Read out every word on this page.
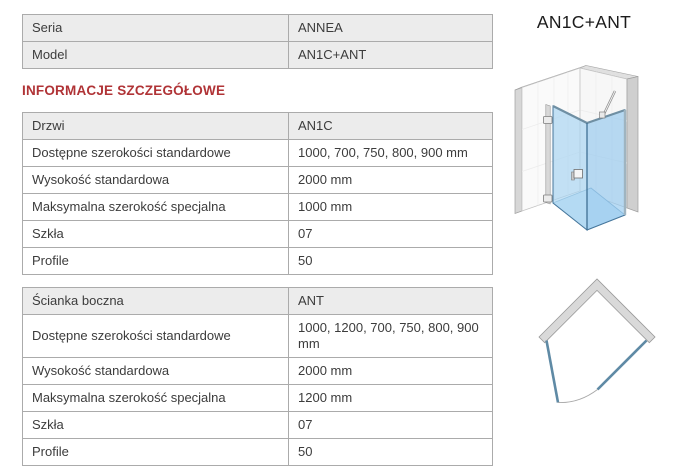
Seria	ANNEA
Model	AN1C+ANT
INFORMACJE SZCZEGÓŁOWE
Drzwi	AN1C
Dostępne szerokości standardowe	1000, 700, 750, 800, 900 mm
Wysokość standardowa	2000 mm
Maksymalna szerokość specjalna	1000 mm
Szkła	07
Profile	50
Ścianka boczna	ANT
Dostępne szerokości standardowe	1000, 1200, 700, 750, 800, 900 mm
Wysokość standardowa	2000 mm
Maksymalna szerokość specjalna	1200 mm
Szkła	07
Profile	50
AN1C+ANT
